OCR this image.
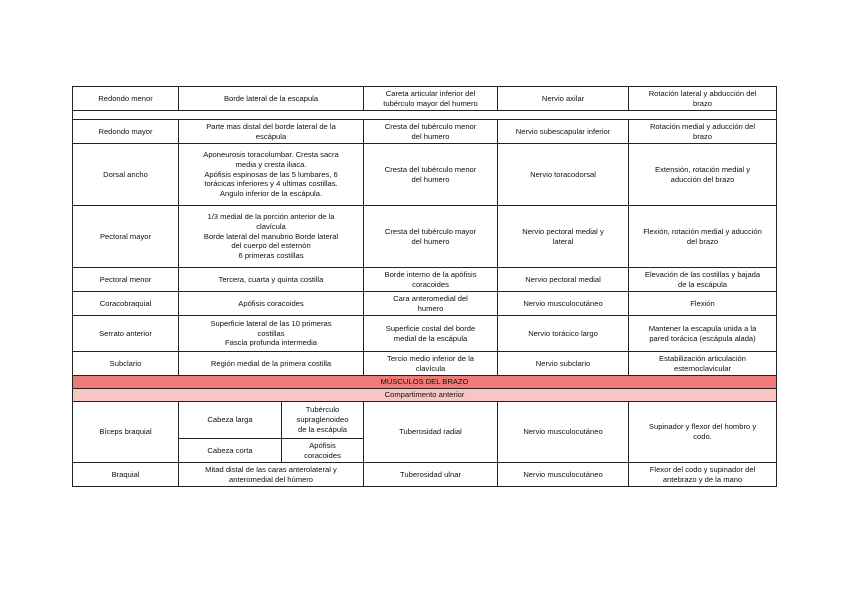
Redondo menor	Borde lateral de la escapula		Careta articular inferior del
tubérculo mayor del humero	Nervio axilar	Rotación lateral y abducción del
brazo

Redondo mayor	Parte mas distal del borde lateral de la
escápula		Cresta del tubérculo menor
del humero	Nervio subescapular inferior	Rotación medial y aducción del
brazo
Dorsal ancho	Aponeurosis toracolumbar. Cresta sacra
media y cresta iliaca.
Apófisis espinosas de las 5 lumbares, 6
torácicas inferiores y 4 ultimas costillas.
Angulo inferior de la escápula.		Cresta del tubérculo menor
del humero	Nervio toracodorsal	Extensión, rotación medial y
aducción del brazo
Pectoral mayor	1/3 medial de la porción anterior de la
clavícula
Borde lateral del manubrio Borde lateral
del cuerpo del esternón
6 primeras costillas		Cresta del tubérculo mayor
del humero	Nervio pectoral medial y
lateral	Flexión, rotación medial y aducción
del brazo
Pectoral menor	Tercera, cuarta y quinta costilla		Borde interno de la apófisis
coracoides	Nervio pectoral medial	Elevación de las costillas y bajada
de la escápula
Coracobraquial	Apófisis coracoides		Cara anteromedial del
humero	Nervio musculocutáneo	Flexión
Serrato anterior	Superficie lateral de las 10 primeras
costillas
Fascia profunda intermedia		Superficie costal del borde
medial de la escápula	Nervio torácico largo	Mantener la escapula unida a la
pared torácica (escápula alada)
Subclario	Región medial de la primera costilla		Tercio medio inferior de la
clavícula	Nervio subclario	Estabilización articulación
esternoclavicular
MÚSCULOS DEL BRAZO					
Compartimento anterior					
Bíceps braquial	Cabeza larga	Tubérculo
supraglenoideo
de la escápula	Tuberosidad radial	Nervio musculocutáneo	Supinador y flexor del hombro y
codo.
	Cabeza corta	Apófisis
coracoides			
Braquial	Mitad distal de las caras anterolateral y
anteromedial del húmero		Tuberosidad ulnar	Nervio musculocutáneo	Flexor del codo y supinador del
antebrazo y de la mano
